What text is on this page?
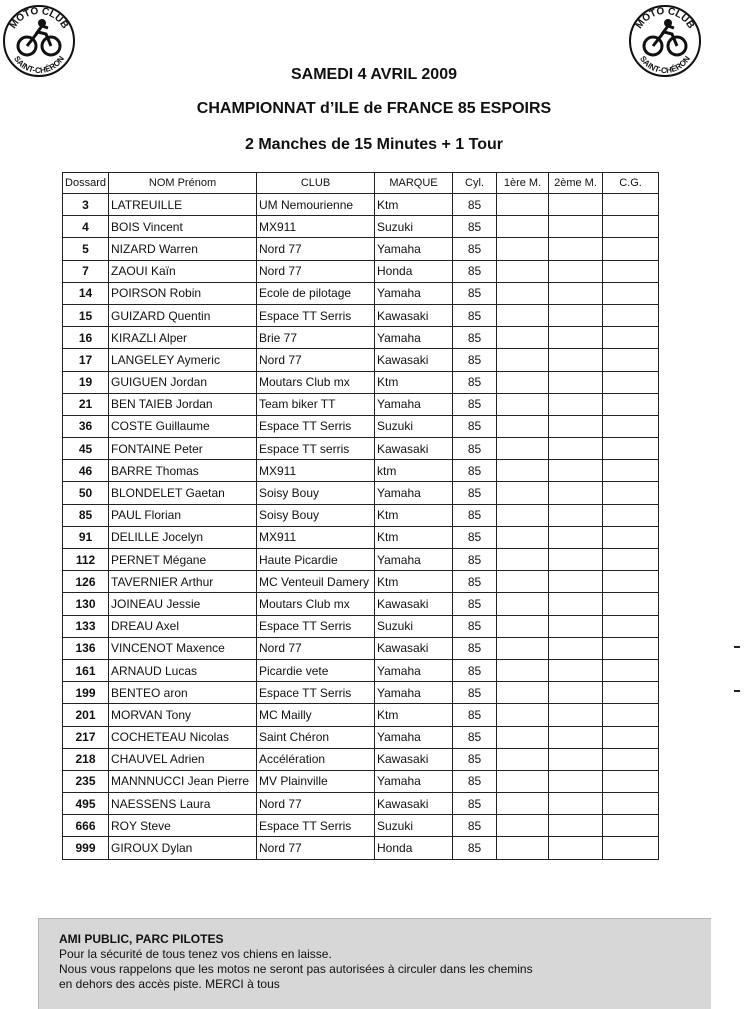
MOTO CLUB
SAINT-CHÉRON
MOTO CLUB
SAINT-CHÉRON
SAMEDI 4 AVRIL 2009
CHAMPIONNAT d’ILE de FRANCE 85 ESPOIRS
2 Manches de 15 Minutes + 1 Tour
Dossard	NOM Prénom	CLUB	MARQUE	Cyl.	1ère M.	2ème M.	C.G.
3	LATREUILLE	UM Nemourienne	Ktm	85			
4	BOIS Vincent	MX911	Suzuki	85			
5	NIZARD Warren	Nord 77	Yamaha	85			
7	ZAOUI Kaïn	Nord 77	Honda	85			
14	POIRSON Robin	Ecole de pilotage	Yamaha	85			
15	GUIZARD Quentin	Espace TT Serris	Kawasaki	85			
16	KIRAZLI Alper	Brie 77	Yamaha	85			
17	LANGELEY Aymeric	Nord 77	Kawasaki	85			
19	GUIGUEN Jordan	Moutars Club mx	Ktm	85			
21	BEN TAIEB Jordan	Team biker TT	Yamaha	85			
36	COSTE Guillaume	Espace TT Serris	Suzuki	85			
45	FONTAINE Peter	Espace TT serris	Kawasaki	85			
46	BARRE Thomas	MX911	ktm	85			
50	BLONDELET Gaetan	Soisy Bouy	Yamaha	85			
85	PAUL Florian	Soisy Bouy	Ktm	85			
91	DELILLE Jocelyn	MX911	Ktm	85			
112	PERNET Mégane	Haute Picardie	Yamaha	85			
126	TAVERNIER Arthur	MC Venteuil Damery	Ktm	85			
130	JOINEAU Jessie	Moutars Club mx	Kawasaki	85			
133	DREAU Axel	Espace TT Serris	Suzuki	85			
136	VINCENOT Maxence	Nord 77	Kawasaki	85			
161	ARNAUD Lucas	Picardie vete	Yamaha	85			
199	BENTEO aron	Espace TT Serris	Yamaha	85			
201	MORVAN Tony	MC Mailly	Ktm	85			
217	COCHETEAU Nicolas	Saint Chéron	Yamaha	85			
218	CHAUVEL Adrien	Accélération	Kawasaki	85			
235	MANNNUCCI Jean Pierre	MV Plainville	Yamaha	85			
495	NAESSENS Laura	Nord 77	Kawasaki	85			
666	ROY Steve	Espace TT Serris	Suzuki	85			
999	GIROUX Dylan	Nord 77	Honda	85			

AMI PUBLIC, PARC PILOTES

Pour la sécurité de tous tenez vos chiens en laisse.

Nous vous rappelons que les motos ne seront pas autorisées à circuler dans les chemins

en dehors des accès piste. MERCI à tous
